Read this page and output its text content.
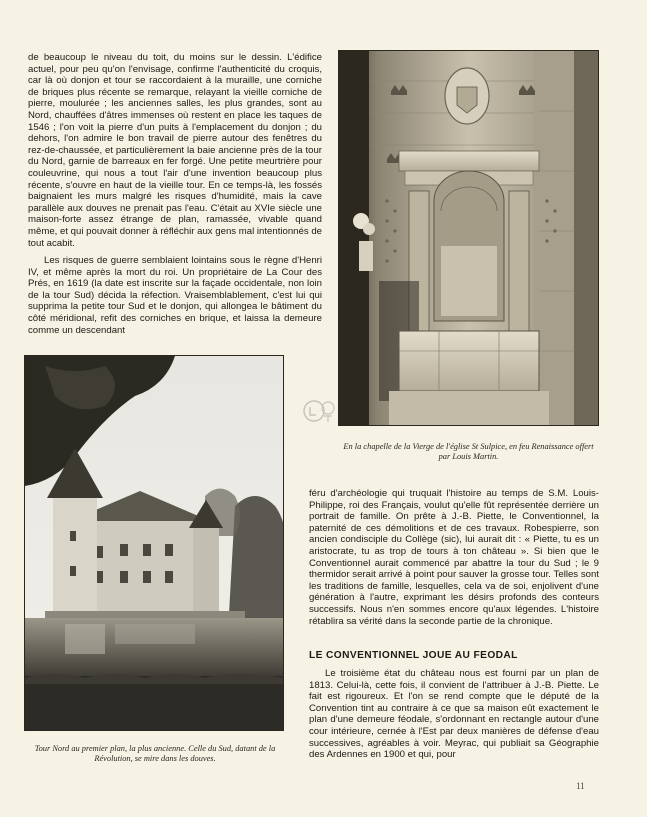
de beaucoup le niveau du toit, du moins sur le dessin. L'édifice actuel, pour peu qu'on l'envisage, confirme l'authenticité du croquis, car là où donjon et tour se raccordaient à la muraille, une corniche de briques plus récente se remarque, relayant la vieille corniche de pierre, moulurée ; les anciennes salles, les plus grandes, sont au Nord, chauffées d'âtres immenses où restent en place les taques de 1546 ; l'on voit la pierre d'un puits à l'emplacement du donjon ; du dehors, l'on admire le bon travail de pierre autour des fenêtres du rez-de-chaussée, et particulièrement la baie ancienne près de la tour du Nord, garnie de barreaux en fer forgé. Une petite meurtrière pour couleuvrine, qui nous a tout l'air d'une invention beaucoup plus récente, s'ouvre en haut de la vieille tour. En ce temps-là, les fossés baignaient les murs malgré les risques d'humidité, mais la cave parallèle aux douves ne prenait pas l'eau. C'était au XVIe siècle une maison-forte assez étrange de plan, ramassée, vivable quand même, et qui pouvait donner à réfléchir aux gens mal intentionnés de tout acabit.

Les risques de guerre semblaient lointains sous le règne d'Henri IV, et même après la mort du roi. Un propriétaire de La Cour des Prés, en 1619 (la date est inscrite sur la façade occidentale, non loin de la tour Sud) décida la réfection. Vraisemblablement, c'est lui qui supprima la petite tour Sud et le donjon, qui allongea le bâtiment du côté méridional, refit des corniches en brique, et laissa la demeure comme un descendant

En la chapelle de la Vierge de l'église St Sulpice, en feu Renaissance offert par Louis Martin.
Tour Nord au premier plan, la plus ancienne. Celle du Sud, datant de la Révolution, se mire dans les douves.

féru d'archéologie qui truquait l'histoire au temps de S.M. Louis-Philippe, roi des Français, voulut qu'elle fût représentée derrière un portrait de famille. On prête à J.-B. Piette, le Conventionnel, la paternité de ces démolitions et de ces travaux. Robespierre, son ancien condisciple du Collège (sic), lui aurait dit : « Piette, tu es un aristocrate, tu as trop de tours à ton château ». Si bien que le Conventionnel aurait commencé par abattre la tour du Sud ; le 9 thermidor serait arrivé à point pour sauver la grosse tour. Telles sont les traditions de famille, lesquelles, cela va de soi, enjolivent d'une génération à l'autre, exprimant les désirs profonds des conteurs successifs. Nous n'en sommes encore qu'aux légendes. L'histoire rétablira sa vérité dans la seconde partie de la chronique.

LE CONVENTIONNEL JOUE AU FEODAL

Le troisième état du château nous est fourni par un plan de 1813. Celui-là, cette fois, il convient de l'attribuer à J.-B. Piette. Le fait est rigoureux. Et l'on se rend compte que le député de la Convention tint au contraire à ce que sa maison eût exactement le plan d'une demeure féodale, s'ordonnant en rectangle autour d'une cour intérieure, cernée à l'Est par deux manières de défense d'eau successives, agréables à voir. Meyrac, qui publiait sa Géographie des Ardennes en 1900 et qui, pour

11
